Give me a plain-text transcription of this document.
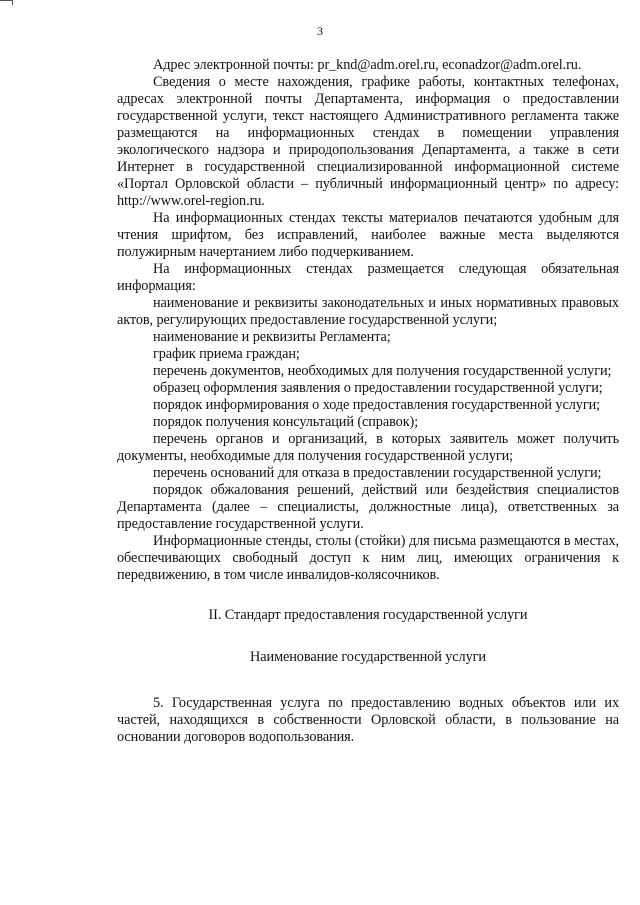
3

Адрес электронной почты: pr_knd@adm.orel.ru, econadzor@adm.orel.ru.

Сведения о месте нахождения, графике работы, контактных телефонах, адресах электронной почты Департамента, информация о предоставлении государственной услуги, текст настоящего Административного регламента также размещаются на информационных стендах в помещении управления экологического надзора и природопользования Департамента, а также в сети Интернет в государственной специализированной информационной системе «Портал Орловской области – публичный информационный центр» по адресу: http://www.orel-region.ru.

На информационных стендах тексты материалов печатаются удобным для чтения шрифтом, без исправлений, наиболее важные места выделяются полужирным начертанием либо подчеркиванием.

На информационных стендах размещается следующая обязательная информация:

наименование и реквизиты законодательных и иных нормативных правовых актов, регулирующих предоставление государственной услуги;

наименование и реквизиты Регламента;

график приема граждан;

перечень документов, необходимых для получения государственной услуги;

образец оформления заявления о предоставлении государственной услуги;

порядок информирования о ходе предоставления государственной услуги;

порядок получения консультаций (справок);

перечень органов и организаций, в которых заявитель может получить документы, необходимые для получения государственной услуги;

перечень оснований для отказа в предоставлении государственной услуги;

порядок обжалования решений, действий или бездействия специалистов Департамента (далее – специалисты, должностные лица), ответственных за предоставление государственной услуги.

Информационные стенды, столы (стойки) для письма размещаются в местах, обеспечивающих свободный доступ к ним лиц, имеющих ограничения к передвижению, в том числе инвалидов-колясочников.

II. Стандарт предоставления государственной услуги
Наименование государственной услуги

5. Государственная услуга по предоставлению водных объектов или их частей, находящихся в собственности Орловской области, в пользование на основании договоров водопользования.
